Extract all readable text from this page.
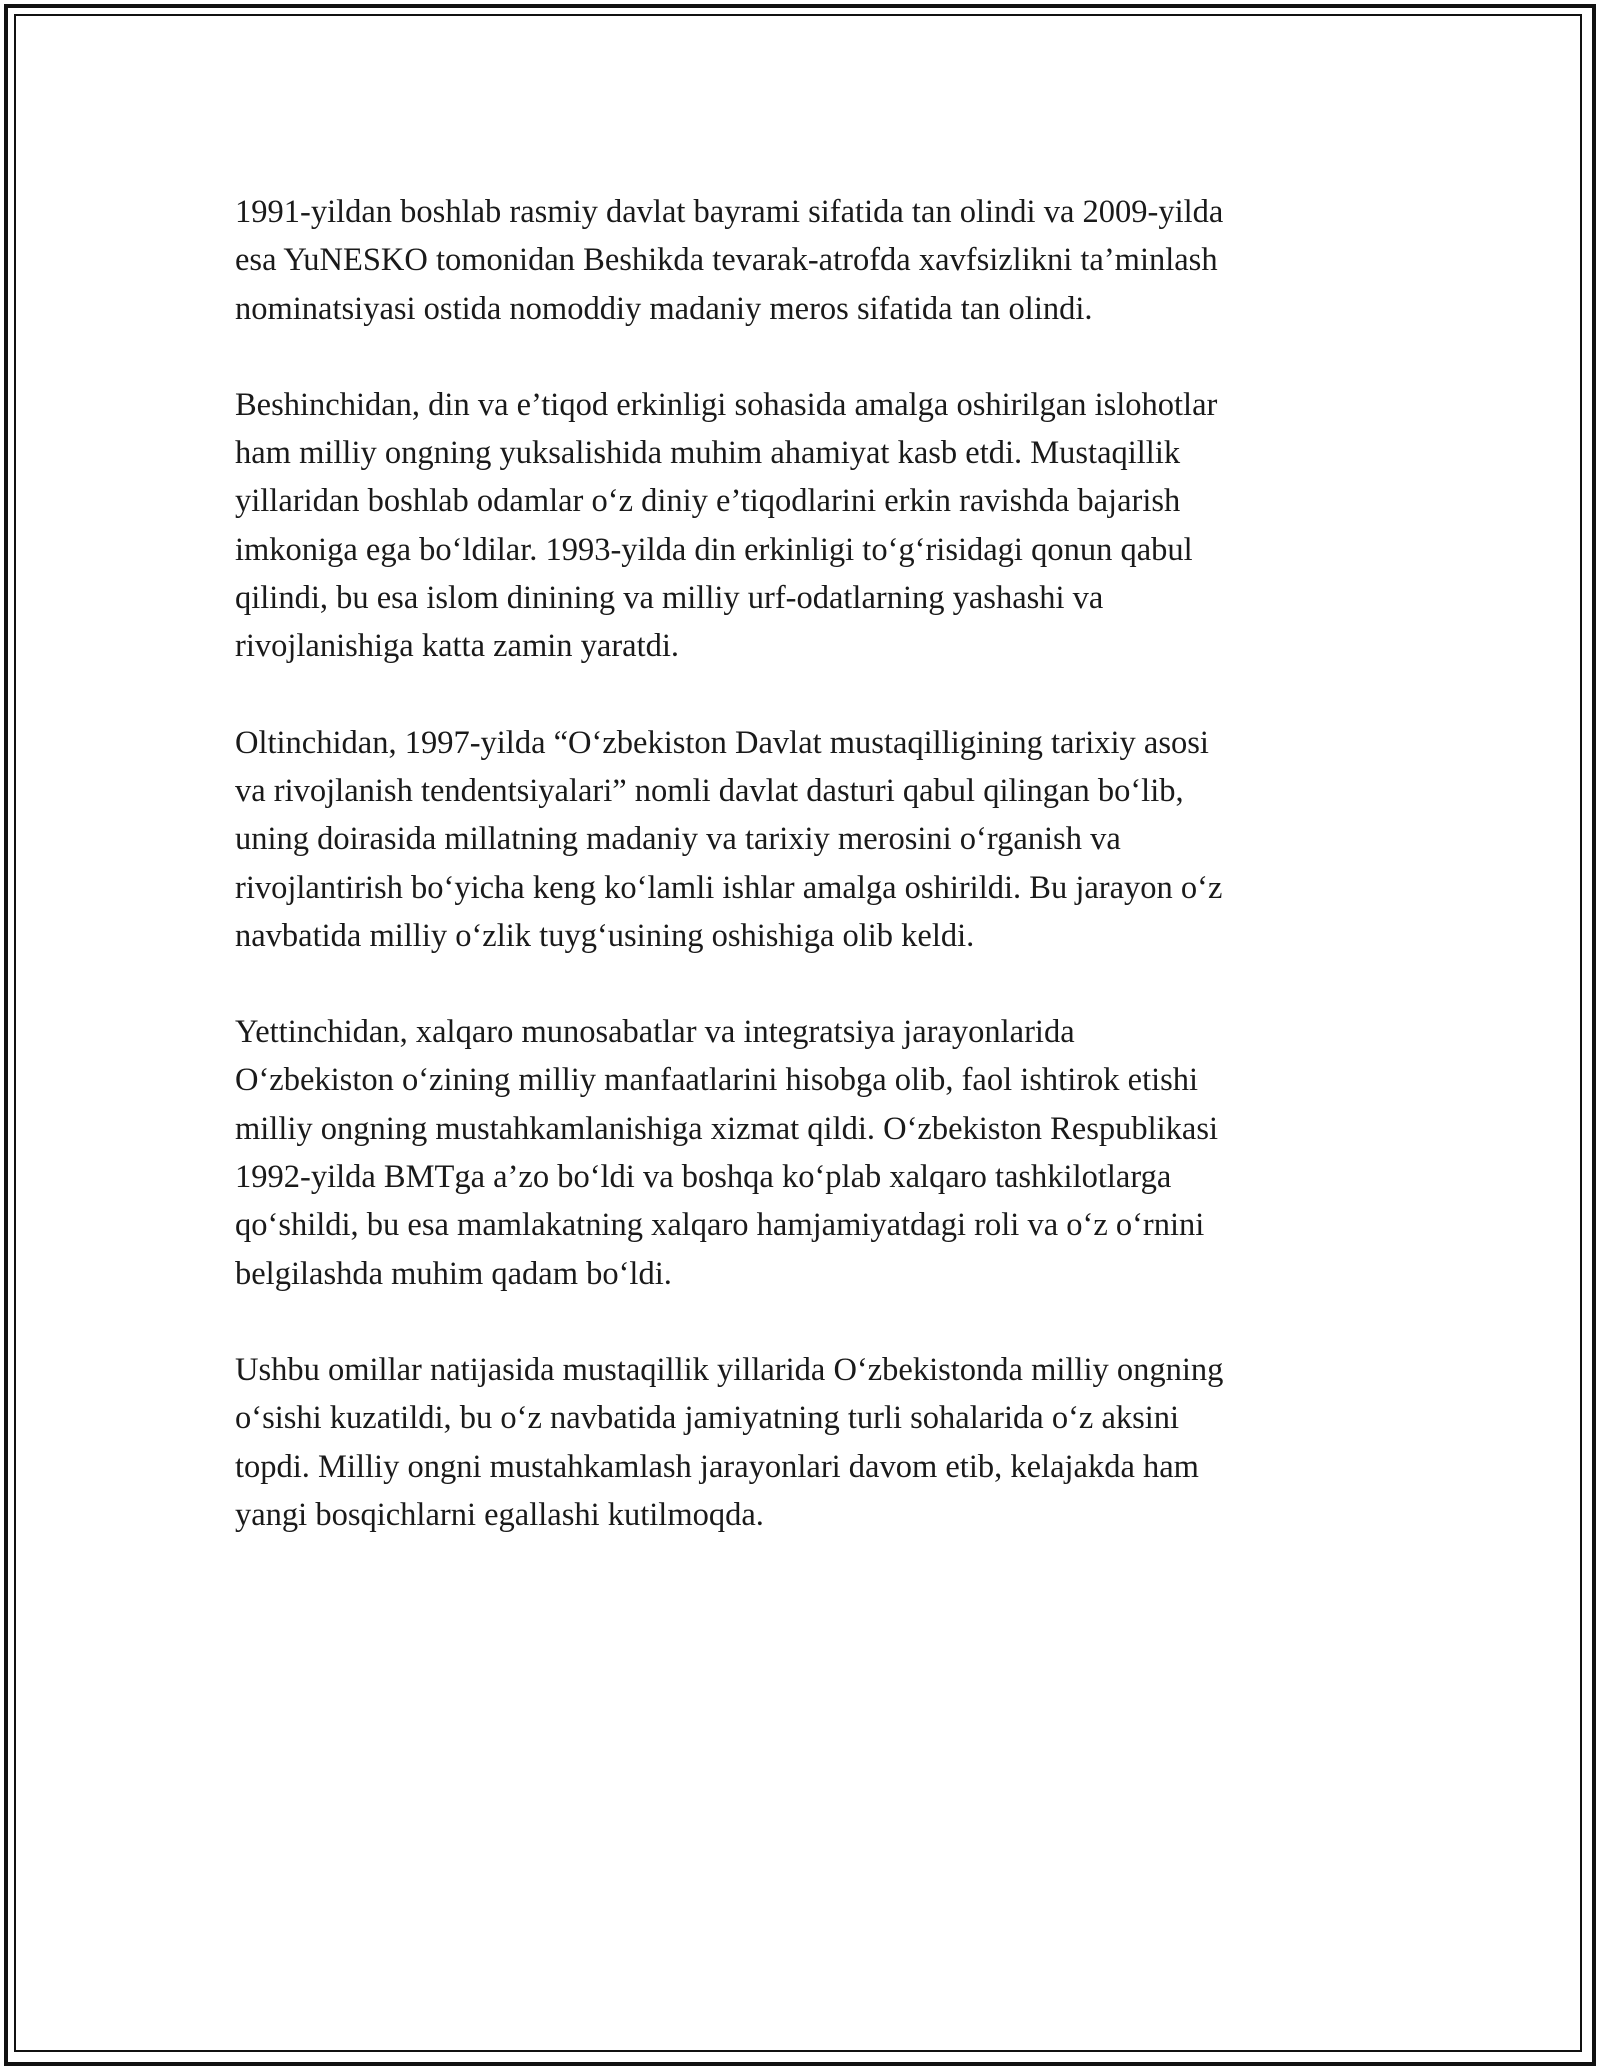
1991-yildan boshlab rasmiy davlat bayrami sifatida tan olindi va 2009-yilda
esa YuNESKO tomonidan Beshikda tevarak-atrofda xavfsizlikni ta’minlash
nominatsiyasi ostida nomoddiy madaniy meros sifatida tan olindi.

Beshinchidan, din va e’tiqod erkinligi sohasida amalga oshirilgan islohotlar
ham milliy ongning yuksalishida muhim ahamiyat kasb etdi. Mustaqillik
yillaridan boshlab odamlar o‘z diniy e’tiqodlarini erkin ravishda bajarish
imkoniga ega bo‘ldilar. 1993-yilda din erkinligi to‘g‘risidagi qonun qabul
qilindi, bu esa islom dinining va milliy urf-odatlarning yashashi va
rivojlanishiga katta zamin yaratdi.

Oltinchidan, 1997-yilda “O‘zbekiston Davlat mustaqilligining tarixiy asosi
va rivojlanish tendentsiyalari” nomli davlat dasturi qabul qilingan bo‘lib,
uning doirasida millatning madaniy va tarixiy merosini o‘rganish va
rivojlantirish bo‘yicha keng ko‘lamli ishlar amalga oshirildi. Bu jarayon o‘z
navbatida milliy o‘zlik tuyg‘usining oshishiga olib keldi.

Yettinchidan, xalqaro munosabatlar va integratsiya jarayonlarida
O‘zbekiston o‘zining milliy manfaatlarini hisobga olib, faol ishtirok etishi
milliy ongning mustahkamlanishiga xizmat qildi. O‘zbekiston Respublikasi
1992-yilda BMTga a’zo bo‘ldi va boshqa ko‘plab xalqaro tashkilotlarga
qo‘shildi, bu esa mamlakatning xalqaro hamjamiyatdagi roli va o‘z o‘rnini
belgilashda muhim qadam bo‘ldi.

Ushbu omillar natijasida mustaqillik yillarida O‘zbekistonda milliy ongning
o‘sishi kuzatildi, bu o‘z navbatida jamiyatning turli sohalarida o‘z aksini
topdi. Milliy ongni mustahkamlash jarayonlari davom etib, kelajakda ham
yangi bosqichlarni egallashi kutilmoqda.
